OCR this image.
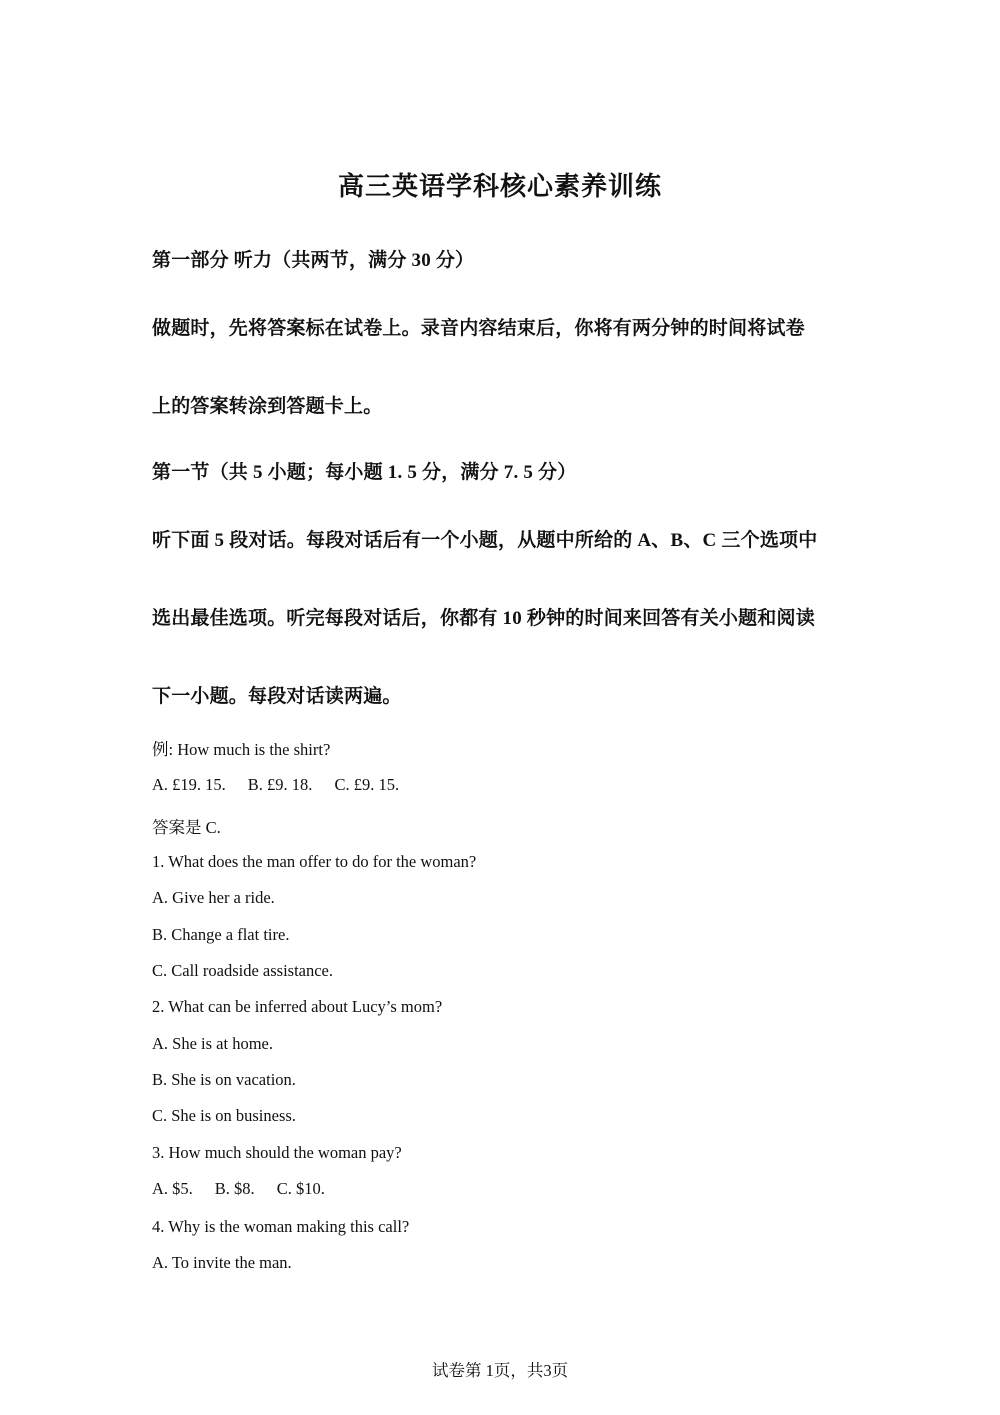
高三英语学科核心素养训练
第一部分 听力（共两节，满分 30 分）
做题时，先将答案标在试卷上。录音内容结束后，你将有两分钟的时间将试卷
上的答案转涂到答题卡上。
第一节（共 5 小题；每小题 1. 5 分，满分 7. 5 分）
听下面 5 段对话。每段对话后有一个小题，从题中所给的 A、B、C 三个选项中
选出最佳选项。听完每段对话后，你都有 10 秒钟的时间来回答有关小题和阅读
下一小题。每段对话读两遍。
例: How much is the shirt?
A. £19. 15. B. £9. 18. C. £9. 15.
答案是 C.
1. What does the man offer to do for the woman?
A. Give her a ride.
B. Change a flat tire.
C. Call roadside assistance.
2. What can be inferred about Lucy’s mom?
A. She is at home.
B. She is on vacation.
C. She is on business.
3. How much should the woman pay?
A. $5. B. $8. C. $10.
4. Why is the woman making this call?
A. To invite the man.
试卷第 1页，共3页
